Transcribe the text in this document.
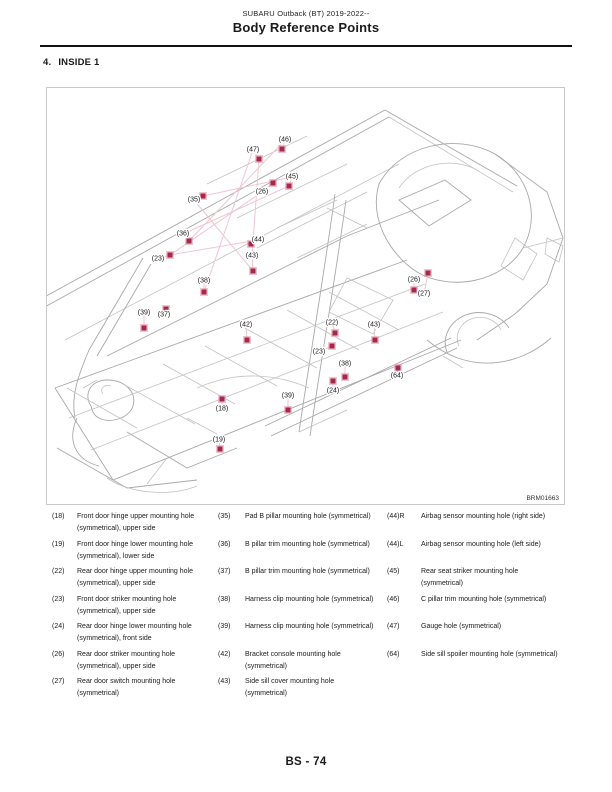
SUBARU Outback (BT) 2019-2022--
Body Reference Points
4. INSIDE 1
(46)
(47)
(45)
(26)
(35)
(36)
(44)
(23)	(43)
(38)
(39) (37)
(42)
(26)
(27)
(22)	(43)
(23)
(38)
(24)
(64)
(39)
(18)
(19)
BRM01663
(18)	Front door hinge upper mounting hole (symmetrical), upper side
(19)	Front door hinge lower mounting hole (symmetrical), lower side
(22)	Rear door hinge upper mounting hole (symmetrical), upper side
(23)	Front door striker mounting hole (symmetrical), upper side
(24)	Rear door hinge lower mounting hole (symmetrical), front side
(26)	Rear door striker mounting hole (symmetrical), upper side
(27)	Rear door switch mounting hole (symmetrical)
(35)	Pad B pillar mounting hole (symmetrical)
(36)	B pillar trim mounting hole (symmetrical)
(37)	B pillar trim mounting hole (symmetrical)
(38)	Harness clip mounting hole (symmetrical)
(39)	Harness clip mounting hole (symmetrical)
(42)	Bracket console mounting hole (symmetrical)
(43)	Side sill cover mounting hole (symmetrical)
(44)R	Airbag sensor mounting hole (right side)
(44)L	Airbag sensor mounting hole (left side)
(45)	Rear seat striker mounting hole (symmetrical)
(46)	C pillar trim mounting hole (symmetrical)
(47)	Gauge hole (symmetrical)
(64)	Side sill spoiler mounting hole (symmetrical)
BS - 74
